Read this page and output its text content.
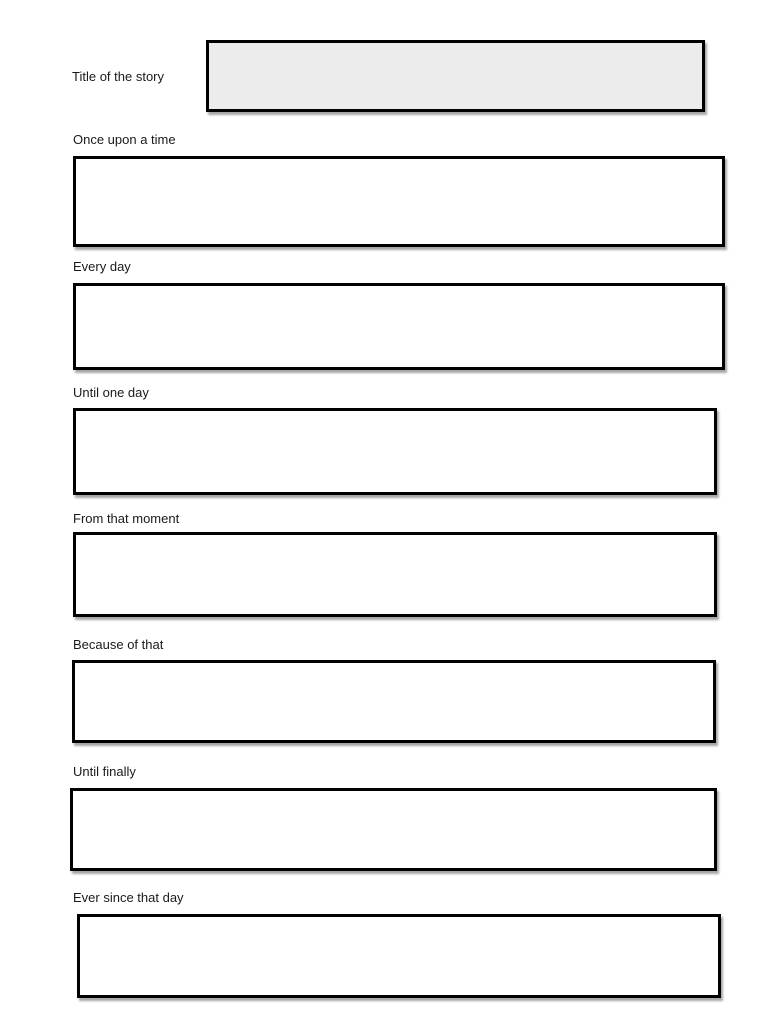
Title of the story
Once upon a time
Every day
Until one day
From that moment
Because of that
Until finally
Ever since that day
